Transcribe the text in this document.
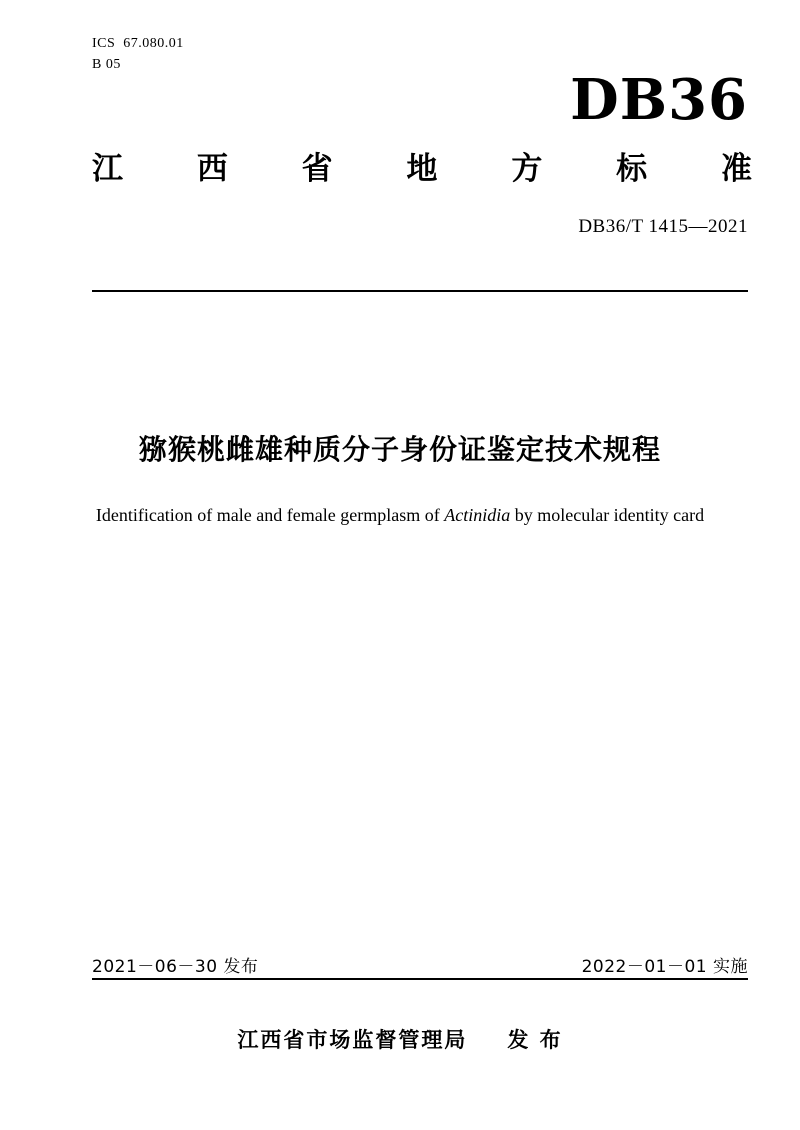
ICS  67.080.01
B 05
DB36
江 西 省 地 方 标 准
DB36/T 1415—2021
猕猴桃雌雄种质分子身份证鉴定技术规程
Identification of male and female germplasm of Actinidia by molecular identity card
2021－06－30 发布	2022－01－01 实施
江西省市场监督管理局 发 布
